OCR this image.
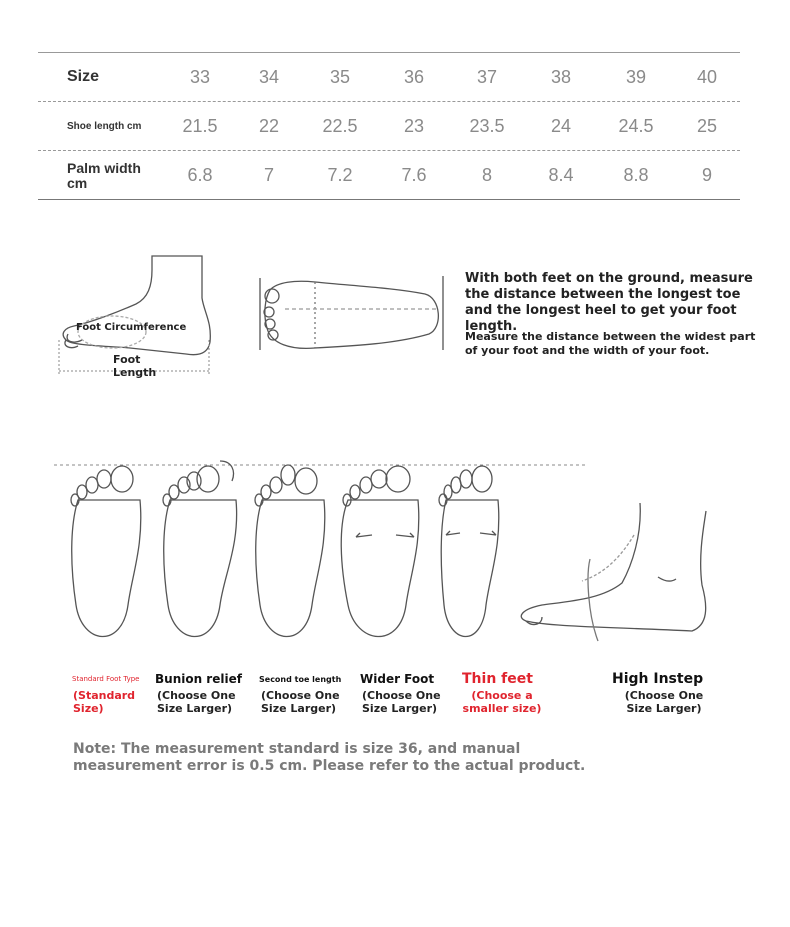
Size	33	34	35	36	37	38	39	40
Shoe length cm	21.5	22	22.5	23	23.5	24	24.5	25
Palm width cm	6.8	7	7.2	7.6	8	8.4	8.8	9
Foot Circumference
Foot
Length
With both feet on the ground, measure the distance between the longest toe and the longest heel to get your foot length.
Measure the distance between the widest part of your foot and the width of your foot.
Standard Foot Type
(Standard Size)
Bunion relief
(Choose One Size Larger)
Second toe length
(Choose One Size Larger)
Wider Foot
(Choose One Size Larger)
Thin feet
(Choose a smaller size)
High Instep
(Choose One Size Larger)
Note: The measurement standard is size 36, and manual measurement error is 0.5 cm. Please refer to the actual product.
